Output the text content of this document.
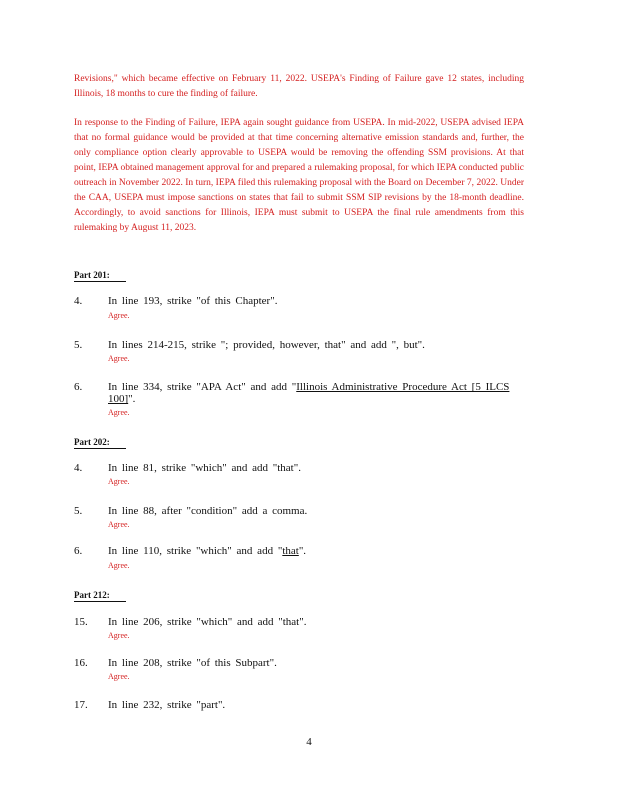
Revisions," which became effective on February 11, 2022. USEPA's Finding of Failure gave 12 states, including Illinois, 18 months to cure the finding of failure.
In response to the Finding of Failure, IEPA again sought guidance from USEPA. In mid-2022, USEPA advised IEPA that no formal guidance would be provided at that time concerning alternative emission standards and, further, the only compliance option clearly approvable to USEPA would be removing the offending SSM provisions. At that point, IEPA obtained management approval for and prepared a rulemaking proposal, for which IEPA conducted public outreach in November 2022. In turn, IEPA filed this rulemaking proposal with the Board on December 7, 2022. Under the CAA, USEPA must impose sanctions on states that fail to submit SSM SIP revisions by the 18-month deadline. Accordingly, to avoid sanctions for Illinois, IEPA must submit to USEPA the final rule amendments from this rulemaking by August 11, 2023.
Part 201:
4. In line 193, strike "of this Chapter".
Agree.
5. In lines 214-215, strike "; provided, however, that" and add ", but".
Agree.
6. In line 334, strike "APA Act" and add "Illinois Administrative Procedure Act [5 ILCS 100]".
Agree.
Part 202:
4. In line 81, strike "which" and add "that".
Agree.
5. In line 88, after "condition" add a comma.
Agree.
6. In line 110, strike "which" and add "that".
Agree.
Part 212:
15. In line 206, strike "which" and add "that".
Agree.
16. In line 208, strike "of this Subpart".
Agree.
17. In line 232, strike "part".
4
